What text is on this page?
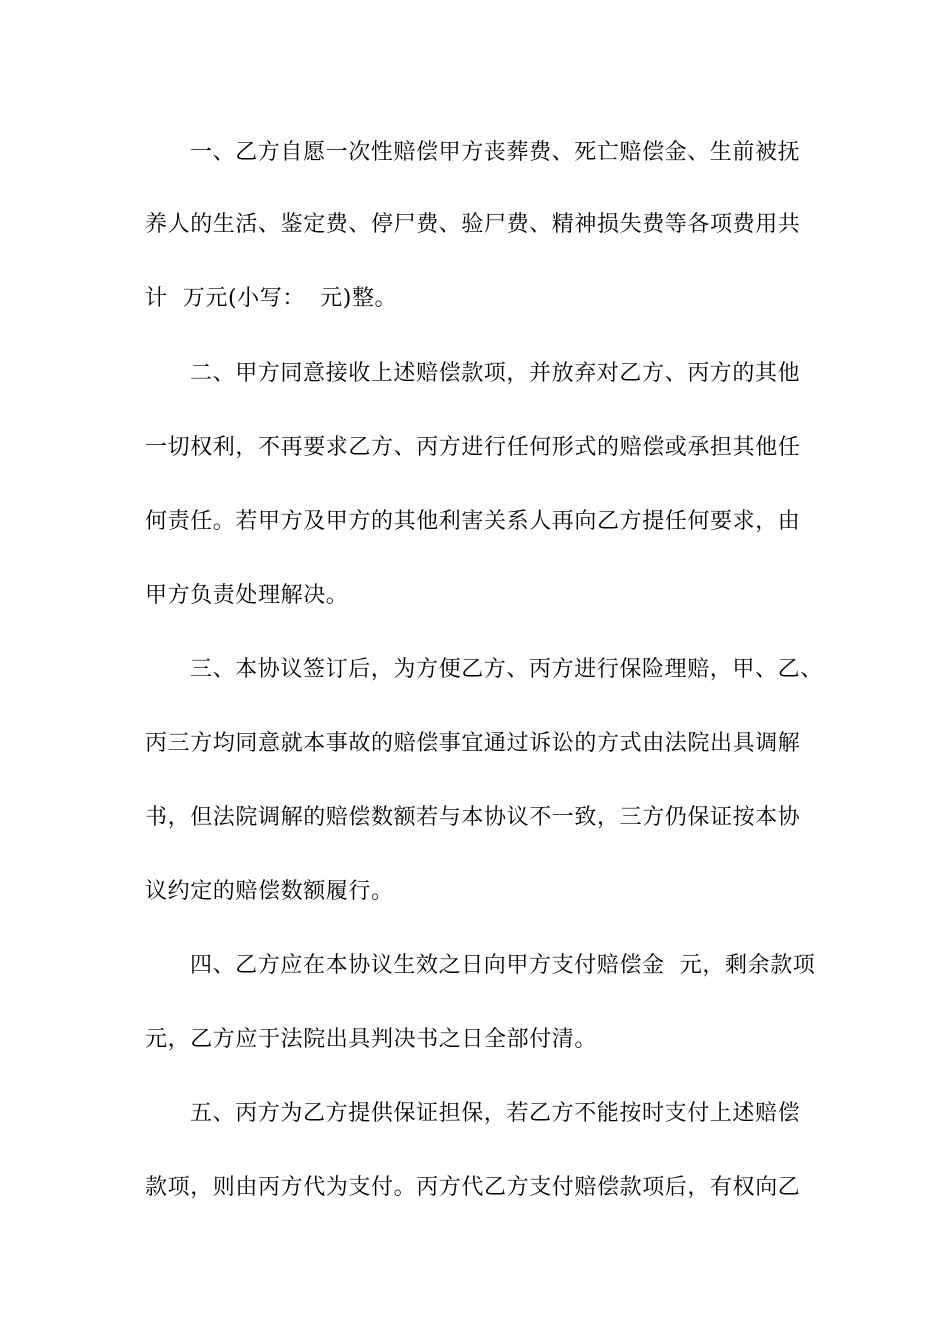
一、乙方自愿一次性赔偿甲方丧葬费、死亡赔偿金、生前被抚
养人的生活、鉴定费、停尸费、验尸费、精神损失费等各项费用共
计  万元(小写：  元)整。
二、甲方同意接收上述赔偿款项，并放弃对乙方、丙方的其他
一切权利，不再要求乙方、丙方进行任何形式的赔偿或承担其他任
何责任。若甲方及甲方的其他利害关系人再向乙方提任何要求，由
甲方负责处理解决。
三、本协议签订后，为方便乙方、丙方进行保险理赔，甲、乙、
丙三方均同意就本事故的赔偿事宜通过诉讼的方式由法院出具调解
书，但法院调解的赔偿数额若与本协议不一致，三方仍保证按本协
议约定的赔偿数额履行。
四、乙方应在本协议生效之日向甲方支付赔偿金  元，剩余款项
元，乙方应于法院出具判决书之日全部付清。
五、丙方为乙方提供保证担保，若乙方不能按时支付上述赔偿
款项，则由丙方代为支付。丙方代乙方支付赔偿款项后，有权向乙
